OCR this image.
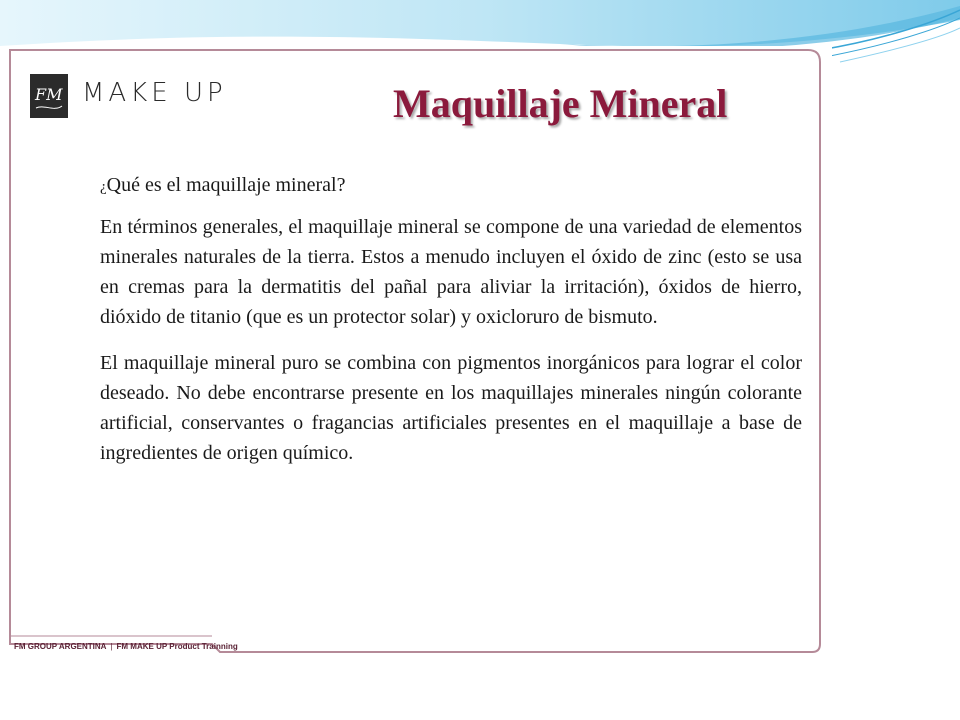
FM MAKE UP	Maquillaje Mineral

¿Qué es el maquillaje mineral?

En términos generales, el maquillaje mineral se compone de una variedad de elementos minerales naturales de la tierra. Estos a menudo incluyen el óxido de zinc (esto se usa en cremas para la dermatitis del pañal para aliviar la irritación), óxidos de hierro, dióxido de titanio (que es un protector solar) y oxicloruro de bismuto.

El maquillaje mineral puro se combina con pigmentos inorgánicos para lograr el color deseado. No debe encontrarse presente en los maquillajes minerales ningún colorante artificial, conservantes o fragancias artificiales presentes en el maquillaje a base de ingredientes de origen químico.

FM GROUP ARGENTINA | FM MAKE UP Product Trainning
